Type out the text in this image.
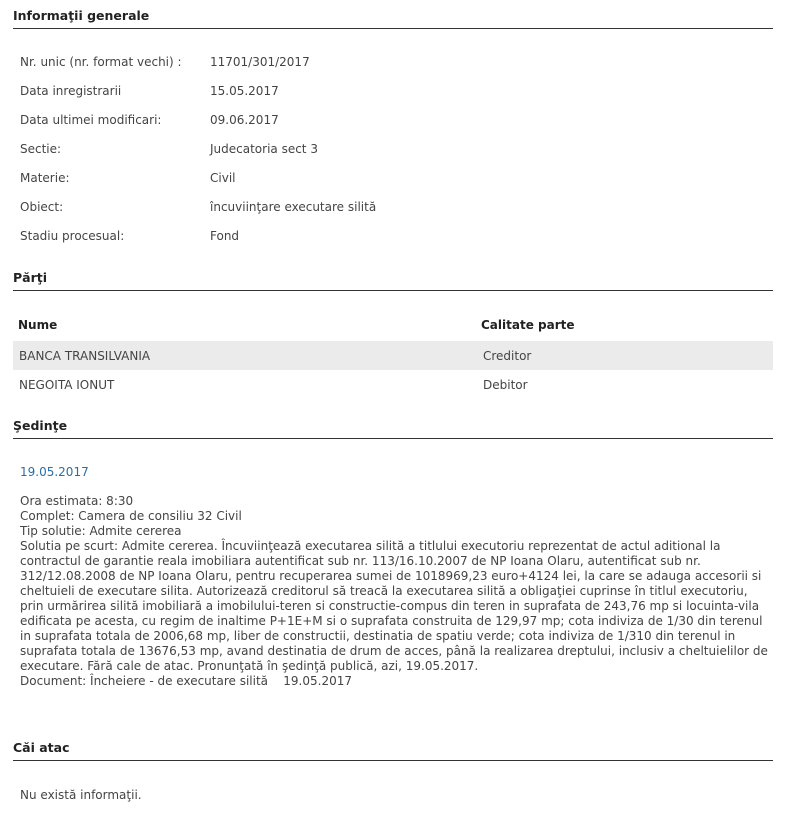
Informaţii generale
Nr. unic (nr. format vechi) :	11701/301/2017
Data inregistrarii	15.05.2017
Data ultimei modificari:	09.06.2017
Sectie:	Judecatoria sect 3
Materie:	Civil
Obiect:	încuviinţare executare silită
Stadiu procesual:	Fond
Părţi
Nume	Calitate parte
BANCA TRANSILVANIA	Creditor
NEGOITA IONUT	Debitor
Şedinţe
19.05.2017
Ora estimata: 8:30
Complet: Camera de consiliu 32 Civil
Tip solutie: Admite cererea
Solutia pe scurt: Admite cererea. Încuviinţează executarea silită a titlului executoriu reprezentat de actul aditional la contractul de garantie reala imobiliara autentificat sub nr. 113/16.10.2007 de NP Ioana Olaru, autentificat sub nr. 312/12.08.2008 de NP Ioana Olaru, pentru recuperarea sumei de 1018969,23 euro+4124 lei, la care se adauga accesorii si cheltuieli de executare silita. Autorizează creditorul să treacă la executarea silită a obligaţiei cuprinse în titlul executoriu, prin urmărirea silită imobiliară a imobilului-teren si constructie-compus din teren in suprafata de 243,76 mp si locuinta-vila edificata pe acesta, cu regim de inaltime P+1E+M si o suprafata construita de 129,97 mp; cota indiviza de 1/30 din terenul in suprafata totala de 2006,68 mp, liber de constructii, destinatia de spatiu verde; cota indiviza de 1/310 din terenul in suprafata totala de 13676,53 mp, avand destinatia de drum de acces, până la realizarea dreptului, inclusiv a cheltuielilor de executare. Fără cale de atac. Pronunţată în şedinţă publică, azi, 19.05.2017.
Document: Încheiere - de executare silită    19.05.2017
Căi atac
Nu există informaţii.
